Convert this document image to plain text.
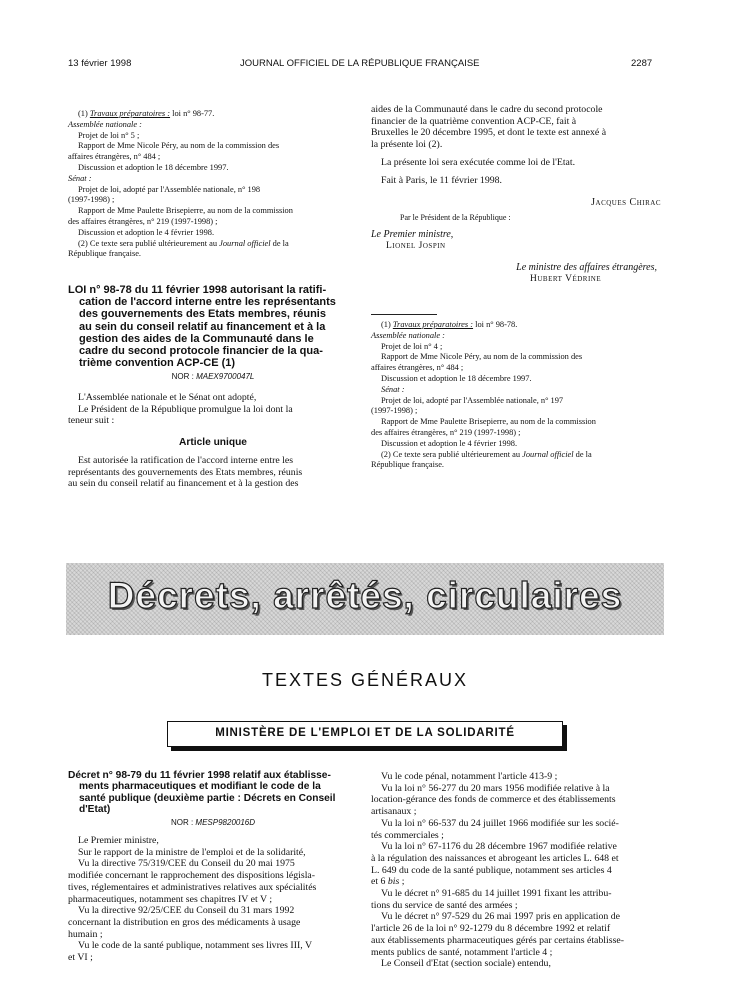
13 février 1998	JOURNAL OFFICIEL DE LA RÉPUBLIQUE FRANÇAISE	2287
(1) Travaux préparatoires : loi n° 98-77.
Assemblée nationale :
Projet de loi n° 5 ;
Rapport de Mme Nicole Péry, au nom de la commission des
affaires étrangères, n° 484 ;
Discussion et adoption le 18 décembre 1997.
Sénat :
Projet de loi, adopté par l'Assemblée nationale, n° 198
(1997-1998) ;
Rapport de Mme Paulette Brisepierre, au nom de la commission
des affaires étrangères, n° 219 (1997-1998) ;
Discussion et adoption le 4 février 1998.
(2) Ce texte sera publié ultérieurement au Journal officiel de la
République française.
LOI n° 98-78 du 11 février 1998 autorisant la ratifi-
cation de l'accord interne entre les représentants
des gouvernements des Etats membres, réunis
au sein du conseil relatif au financement et à la
gestion des aides de la Communauté dans le
cadre du second protocole financier de la qua-
trième convention ACP-CE (1)
NOR : MAEX9700047L
L'Assemblée nationale et le Sénat ont adopté,
Le Président de la République promulgue la loi dont la
teneur suit :
Article unique
Est autorisée la ratification de l'accord interne entre les
représentants des gouvernements des Etats membres, réunis
au sein du conseil relatif au financement et à la gestion des
aides de la Communauté dans le cadre du second protocole
financier de la quatrième convention ACP-CE, fait à
Bruxelles le 20 décembre 1995, et dont le texte est annexé à
la présente loi (2).
La présente loi sera exécutée comme loi de l'Etat.
Fait à Paris, le 11 février 1998.
Jacques Chirac
Par le Président de la République :
Le Premier ministre,
Lionel Jospin
Le ministre des affaires étrangères,
Hubert Védrine
(1) Travaux préparatoires : loi n° 98-78.
Assemblée nationale :
Projet de loi n° 4 ;
Rapport de Mme Nicole Péry, au nom de la commission des
affaires étrangères, n° 484 ;
Discussion et adoption le 18 décembre 1997.
Sénat :
Projet de loi, adopté par l'Assemblée nationale, n° 197
(1997-1998) ;
Rapport de Mme Paulette Brisepierre, au nom de la commission
des affaires étrangères, n° 219 (1997-1998) ;
Discussion et adoption le 4 février 1998.
(2) Ce texte sera publié ultérieurement au Journal officiel de la
République française.
Décrets, arrêtés, circulaires
TEXTES GÉNÉRAUX
MINISTÈRE DE L'EMPLOI ET DE LA SOLIDARITÉ
Décret n° 98-79 du 11 février 1998 relatif aux établisse-
ments pharmaceutiques et modifiant le code de la
santé publique (deuxième partie : Décrets en Conseil
d'Etat)
NOR : MESP9820016D
Le Premier ministre,
Sur le rapport de la ministre de l'emploi et de la solidarité,
Vu la directive 75/319/CEE du Conseil du 20 mai 1975
modifiée concernant le rapprochement des dispositions législa-
tives, réglementaires et administratives relatives aux spécialités
pharmaceutiques, notamment ses chapitres IV et V ;
Vu la directive 92/25/CEE du Conseil du 31 mars 1992
concernant la distribution en gros des médicaments à usage
humain ;
Vu le code de la santé publique, notamment ses livres III, V
et VI ;
Vu le code pénal, notamment l'article 413-9 ;
Vu la loi n° 56-277 du 20 mars 1956 modifiée relative à la
location-gérance des fonds de commerce et des établissements
artisanaux ;
Vu la loi n° 66-537 du 24 juillet 1966 modifiée sur les socié-
tés commerciales ;
Vu la loi n° 67-1176 du 28 décembre 1967 modifiée relative
à la régulation des naissances et abrogeant les articles L. 648 et
L. 649 du code de la santé publique, notamment ses articles 4
et 6 bis ;
Vu le décret n° 91-685 du 14 juillet 1991 fixant les attribu-
tions du service de santé des armées ;
Vu le décret n° 97-529 du 26 mai 1997 pris en application de
l'article 26 de la loi n° 92-1279 du 8 décembre 1992 et relatif
aux établissements pharmaceutiques gérés par certains établisse-
ments publics de santé, notamment l'article 4 ;
Le Conseil d'Etat (section sociale) entendu,
